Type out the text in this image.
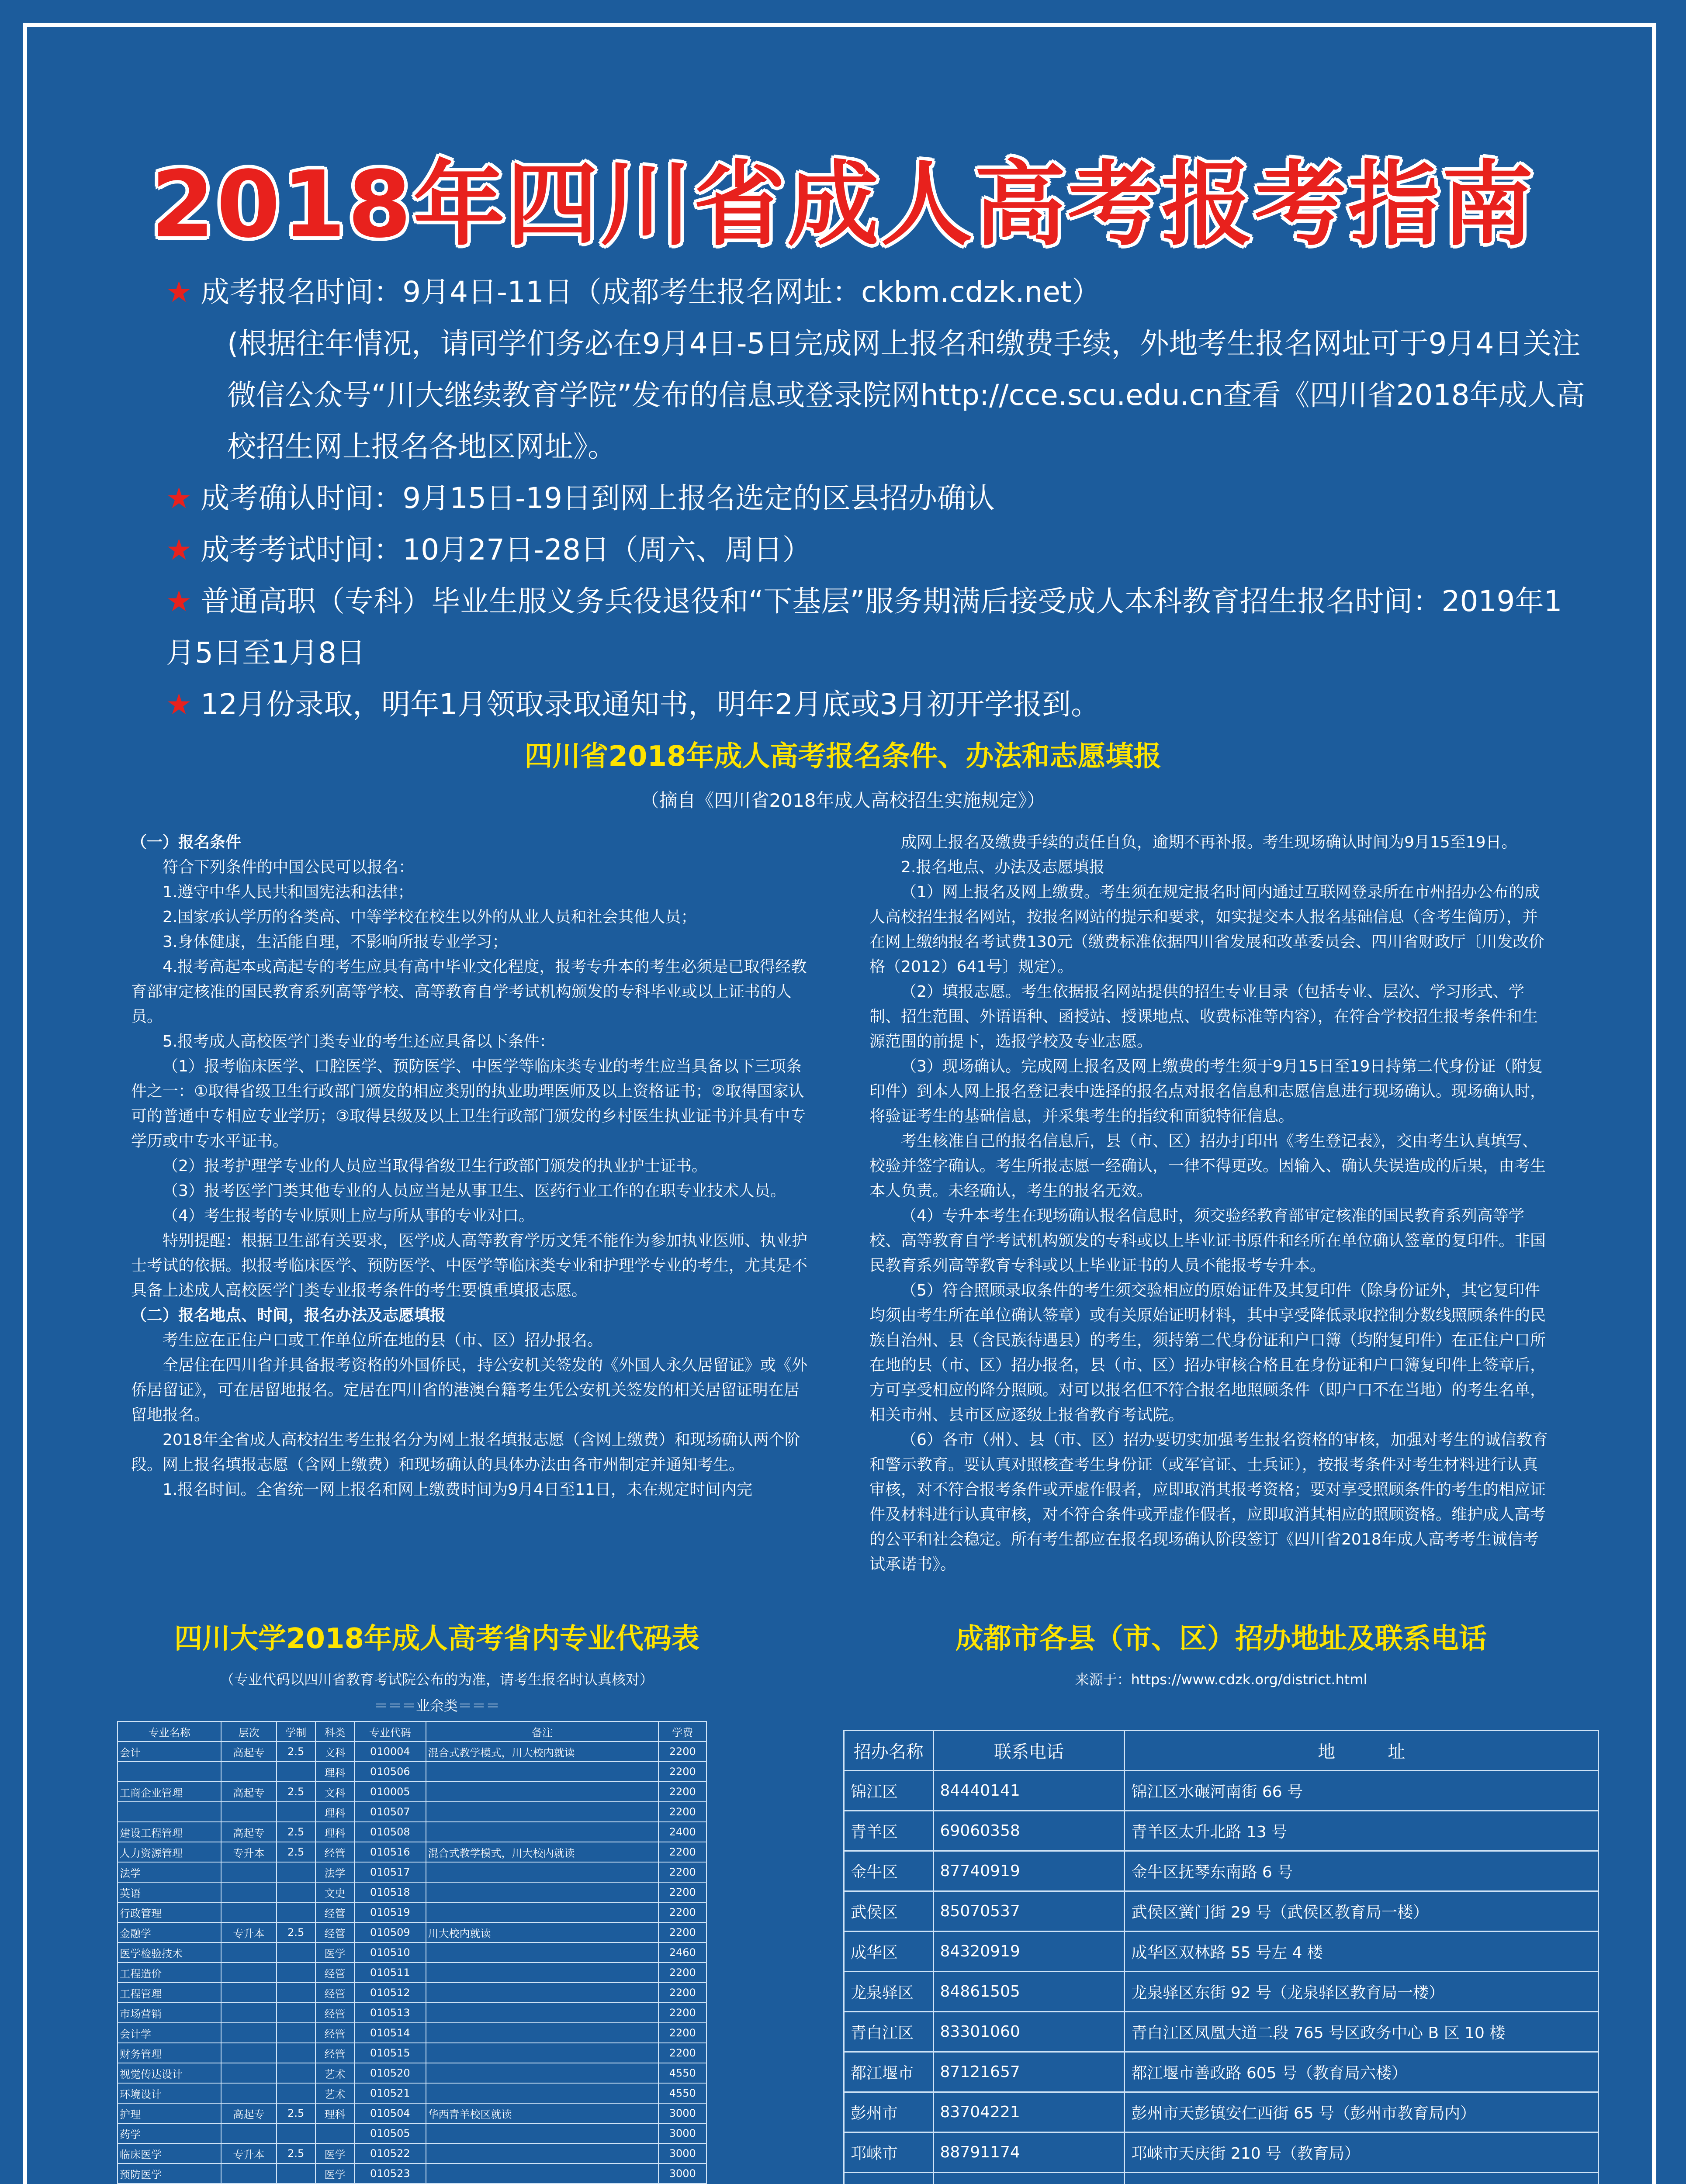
2018年四川省成人高考报考指南

★ 成考报名时间：9月4日-11日（成都考生报名网址：ckbm.cdzk.net）

(根据往年情况，请同学们务必在9月4日-5日完成网上报名和缴费手续，外地考生报名网址可于9月4日关注微信公众号“川大继续教育学院”发布的信息或登录院网http://cce.scu.edu.cn查看《四川省2018年成人高校招生网上报名各地区网址》。

★ 成考确认时间：9月15日-19日到网上报名选定的区县招办确认

★ 成考考试时间：10月27日-28日（周六、周日）

★ 普通高职（专科）毕业生服义务兵役退役和“下基层”服务期满后接受成人本科教育招生报名时间：2019年1月5日至1月8日

★ 12月份录取，明年1月领取录取通知书，明年2月底或3月初开学报到。

四川省2018年成人高考报名条件、办法和志愿填报
（摘自《四川省2018年成人高校招生实施规定》）

（一）报名条件

符合下列条件的中国公民可以报名：

1.遵守中华人民共和国宪法和法律；

2.国家承认学历的各类高、中等学校在校生以外的从业人员和社会其他人员；

3.身体健康，生活能自理，不影响所报专业学习；

4.报考高起本或高起专的考生应具有高中毕业文化程度，报考专升本的考生必须是已取得经教育部审定核准的国民教育系列高等学校、高等教育自学考试机构颁发的专科毕业或以上证书的人员。

5.报考成人高校医学门类专业的考生还应具备以下条件：

（1）报考临床医学、口腔医学、预防医学、中医学等临床类专业的考生应当具备以下三项条件之一：①取得省级卫生行政部门颁发的相应类别的执业助理医师及以上资格证书；②取得国家认可的普通中专相应专业学历；③取得县级及以上卫生行政部门颁发的乡村医生执业证书并具有中专学历或中专水平证书。

（2）报考护理学专业的人员应当取得省级卫生行政部门颁发的执业护士证书。

（3）报考医学门类其他专业的人员应当是从事卫生、医药行业工作的在职专业技术人员。

（4）考生报考的专业原则上应与所从事的专业对口。

特别提醒：根据卫生部有关要求，医学成人高等教育学历文凭不能作为参加执业医师、执业护士考试的依据。拟报考临床医学、预防医学、中医学等临床类专业和护理学专业的考生，尤其是不具备上述成人高校医学门类专业报考条件的考生要慎重填报志愿。

（二）报名地点、时间，报名办法及志愿填报

考生应在正住户口或工作单位所在地的县（市、区）招办报名。

全居住在四川省并具备报考资格的外国侨民，持公安机关签发的《外国人永久居留证》或《外侨居留证》，可在居留地报名。定居在四川省的港澳台籍考生凭公安机关签发的相关居留证明在居留地报名。

2018年全省成人高校招生考生报名分为网上报名填报志愿（含网上缴费）和现场确认两个阶段。网上报名填报志愿（含网上缴费）和现场确认的具体办法由各市州制定并通知考生。

1.报名时间。全省统一网上报名和网上缴费时间为9月4日至11日，未在规定时间内完

成网上报名及缴费手续的责任自负，逾期不再补报。考生现场确认时间为9月15至19日。

2.报名地点、办法及志愿填报

（1）网上报名及网上缴费。考生须在规定报名时间内通过互联网登录所在市州招办公布的成人高校招生报名网站，按报名网站的提示和要求，如实提交本人报名基础信息（含考生简历），并在网上缴纳报名考试费130元（缴费标准依据四川省发展和改革委员会、四川省财政厅〔川发改价格（2012）641号〕规定）。

（2）填报志愿。考生依据报名网站提供的招生专业目录（包括专业、层次、学习形式、学制、招生范围、外语语种、函授站、授课地点、收费标准等内容），在符合学校招生报考条件和生源范围的前提下，选报学校及专业志愿。

（3）现场确认。完成网上报名及网上缴费的考生须于9月15日至19日持第二代身份证（附复印件）到本人网上报名登记表中选择的报名点对报名信息和志愿信息进行现场确认。现场确认时，将验证考生的基础信息，并采集考生的指纹和面貌特征信息。

考生核准自己的报名信息后，县（市、区）招办打印出《考生登记表》，交由考生认真填写、校验并签字确认。考生所报志愿一经确认，一律不得更改。因输入、确认失误造成的后果，由考生本人负责。未经确认，考生的报名无效。

（4）专升本考生在现场确认报名信息时，须交验经教育部审定核准的国民教育系列高等学校、高等教育自学考试机构颁发的专科或以上毕业证书原件和经所在单位确认签章的复印件。非国民教育系列高等教育专科或以上毕业证书的人员不能报考专升本。

（5）符合照顾录取条件的考生须交验相应的原始证件及其复印件（除身份证外，其它复印件均须由考生所在单位确认签章）或有关原始证明材料，其中享受降低录取控制分数线照顾条件的民族自治州、县（含民族待遇县）的考生，须持第二代身份证和户口簿（均附复印件）在正住户口所在地的县（市、区）招办报名，县（市、区）招办审核合格且在身份证和户口簿复印件上签章后，方可享受相应的降分照顾。对可以报名但不符合报名地照顾条件（即户口不在当地）的考生名单，相关市州、县市区应逐级上报省教育考试院。

（6）各市（州）、县（市、区）招办要切实加强考生报名资格的审核，加强对考生的诚信教育和警示教育。要认真对照核查考生身份证（或军官证、士兵证），按报考条件对考生材料进行认真审核，对不符合报考条件或弄虚作假者，应即取消其报考资格；要对享受照顾条件的考生的相应证件及材料进行认真审核，对不符合条件或弄虚作假者，应即取消其相应的照顾资格。维护成人高考的公平和社会稳定。所有考生都应在报名现场确认阶段签订《四川省2018年成人高考考生诚信考试承诺书》。

四川大学2018年成人高考省内专业代码表
（专业代码以四川省教育考试院公布的为准，请考生报名时认真核对）
＝＝＝业余类＝＝＝
专业名称	层次	学制	科类	专业代码	备注	学费
会计	高起专	2.5	文科	010004	混合式教学模式，川大校内就读	2200
			理科	010506		2200
工商企业管理	高起专	2.5	文科	010005		2200
			理科	010507		2200
建设工程管理	高起专	2.5	理科	010508		2400
人力资源管理	专升本	2.5	经管	010516	混合式教学模式，川大校内就读	2200
法学			法学	010517		2200
英语			文史	010518		2200
行政管理			经管	010519		2200
金融学	专升本	2.5	经管	010509	川大校内就读	2200
医学检验技术			医学	010510		2460
工程造价			经管	010511		2200
工程管理			经管	010512		2200
市场营销			经管	010513		2200
会计学			经管	010514		2200
财务管理			经管	010515		2200
视觉传达设计			艺术	010520		4550
环境设计			艺术	010521		4550
护理	高起专	2.5	理科	010504	华西青羊校区就读	3000
药学				010505		3000
临床医学	专升本	2.5	医学	010522		3000
预防医学			医学	010523		3000

成都市各县（市、区）招办地址及联系电话
来源于：https://www.cdzk.org/district.html
招办名称	联系电话	地　　　址
锦江区	84440141	锦江区水碾河南街 66 号
青羊区	69060358	青羊区太升北路 13 号
金牛区	87740919	金牛区抚琴东南路 6 号
武侯区	85070537	武侯区黉门街 29 号（武侯区教育局一楼）
成华区	84320919	成华区双林路 55 号左 4 楼
龙泉驿区	84861505	龙泉驿区东街 92 号（龙泉驿区教育局一楼）
青白江区	83301060	青白江区凤凰大道二段 765 号区政务中心 B 区 10 楼
都江堰市	87121657	都江堰市善政路 605 号（教育局六楼）
彭州市	83704221	彭州市天彭镇安仁西街 65 号（彭州市教育局内）
邛崃市	88791174	邛崃市天庆街 210 号（教育局）
